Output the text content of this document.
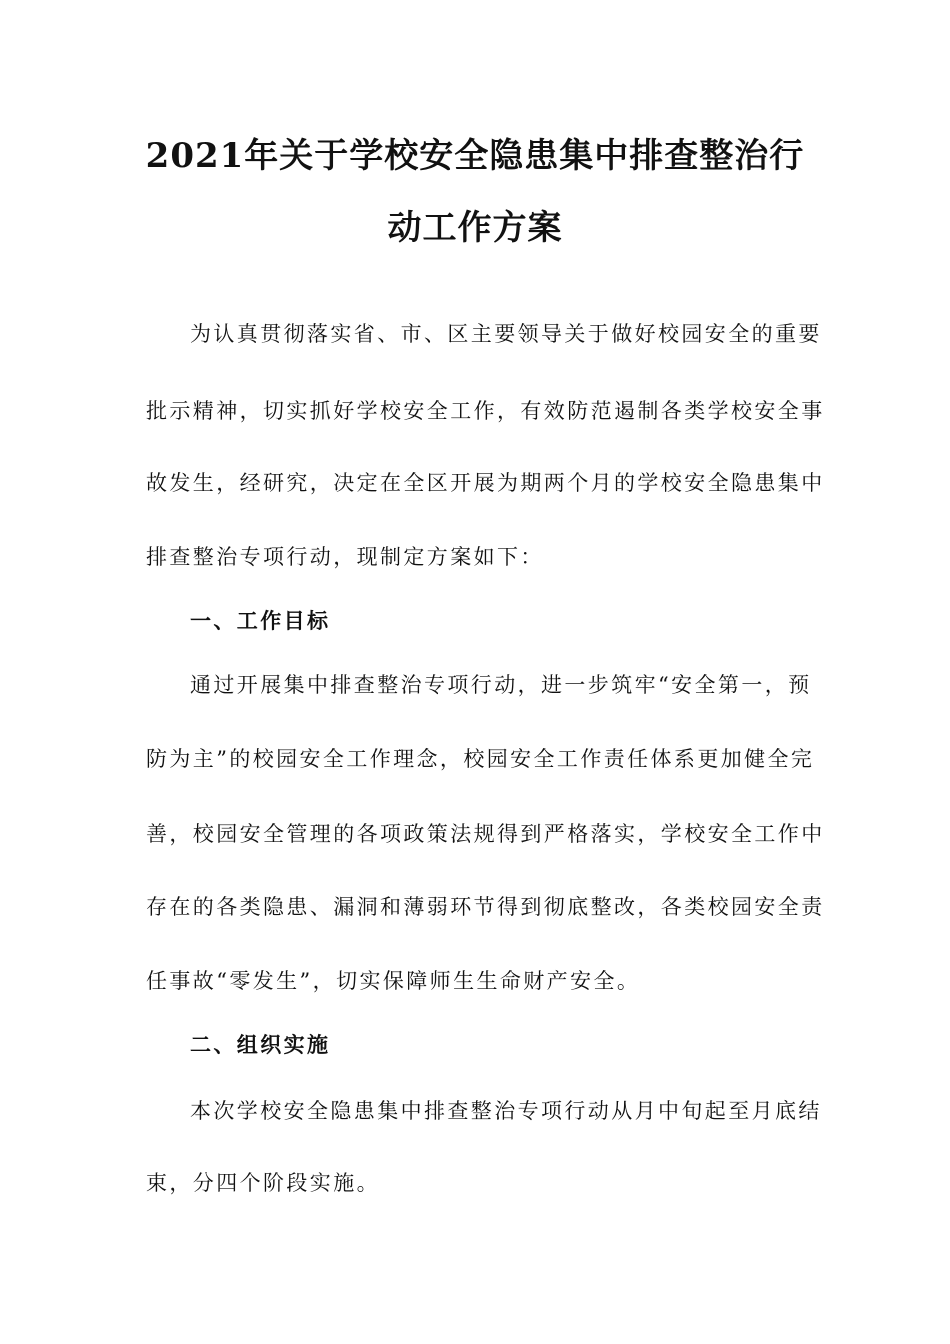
2021年关于学校安全隐患集中排查整治行
动工作方案
为认真贯彻落实省、市、区主要领导关于做好校园安全的重要
批示精神，切实抓好学校安全工作，有效防范遏制各类学校安全事
故发生，经研究，决定在全区开展为期两个月的学校安全隐患集中
排查整治专项行动，现制定方案如下：
一、工作目标
通过开展集中排查整治专项行动，进一步筑牢“安全第一，预
防为主”的校园安全工作理念，校园安全工作责任体系更加健全完
善，校园安全管理的各项政策法规得到严格落实，学校安全工作中
存在的各类隐患、漏洞和薄弱环节得到彻底整改，各类校园安全责
任事故“零发生”，切实保障师生生命财产安全。
二、组织实施
本次学校安全隐患集中排查整治专项行动从月中旬起至月底结
束，分四个阶段实施。
